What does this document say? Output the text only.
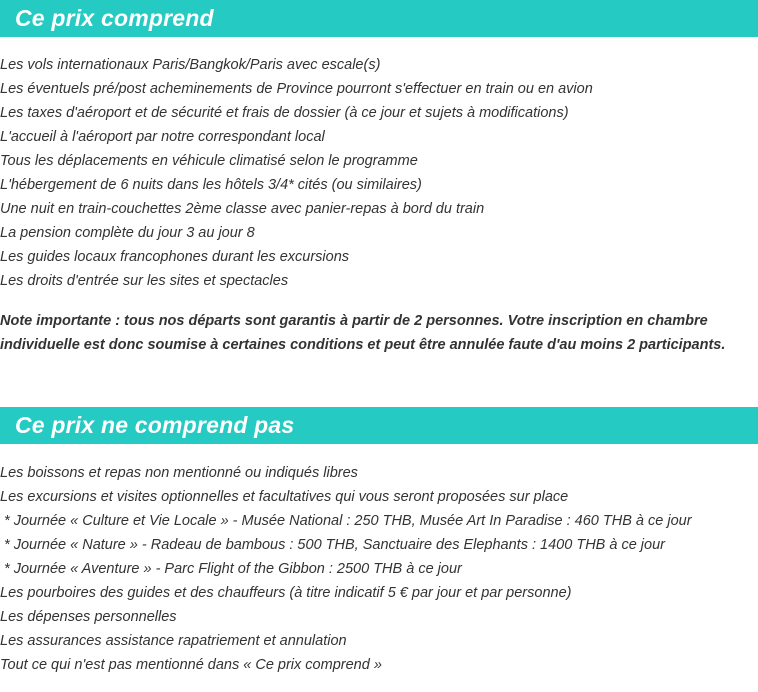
Ce prix comprend
Les vols internationaux Paris/Bangkok/Paris avec escale(s)
Les éventuels pré/post acheminements de Province pourront s'effectuer en train ou en avion
Les taxes d'aéroport et de sécurité et frais de dossier (à ce jour et sujets à modifications)
L'accueil à l'aéroport par notre correspondant local
Tous les déplacements en véhicule climatisé selon le programme
L'hébergement de 6 nuits dans les hôtels 3/4* cités (ou similaires)
Une nuit en train-couchettes 2ème classe avec panier-repas à bord du train
La pension complète du jour 3 au jour 8
Les guides locaux francophones durant les excursions
Les droits d'entrée sur les sites et spectacles

Note importante : tous nos départs sont garantis à partir de 2 personnes. Votre inscription en chambre individuelle est donc soumise à certaines conditions et peut être annulée faute d'au moins 2 participants.

Ce prix ne comprend pas
Les boissons et repas non mentionné ou indiqués libres
Les excursions et visites optionnelles et facultatives qui vous seront proposées sur place
* Journée « Culture et Vie Locale » - Musée National : 250 THB, Musée Art In Paradise : 460 THB à ce jour
* Journée « Nature » - Radeau de bambous : 500 THB, Sanctuaire des Elephants : 1400 THB à ce jour
* Journée « Aventure » - Parc Flight of the Gibbon : 2500 THB à ce jour
Les pourboires des guides et des chauffeurs (à titre indicatif 5 € par jour et par personne)
Les dépenses personnelles
Les assurances assistance rapatriement et annulation
Tout ce qui n'est pas mentionné dans « Ce prix comprend »
